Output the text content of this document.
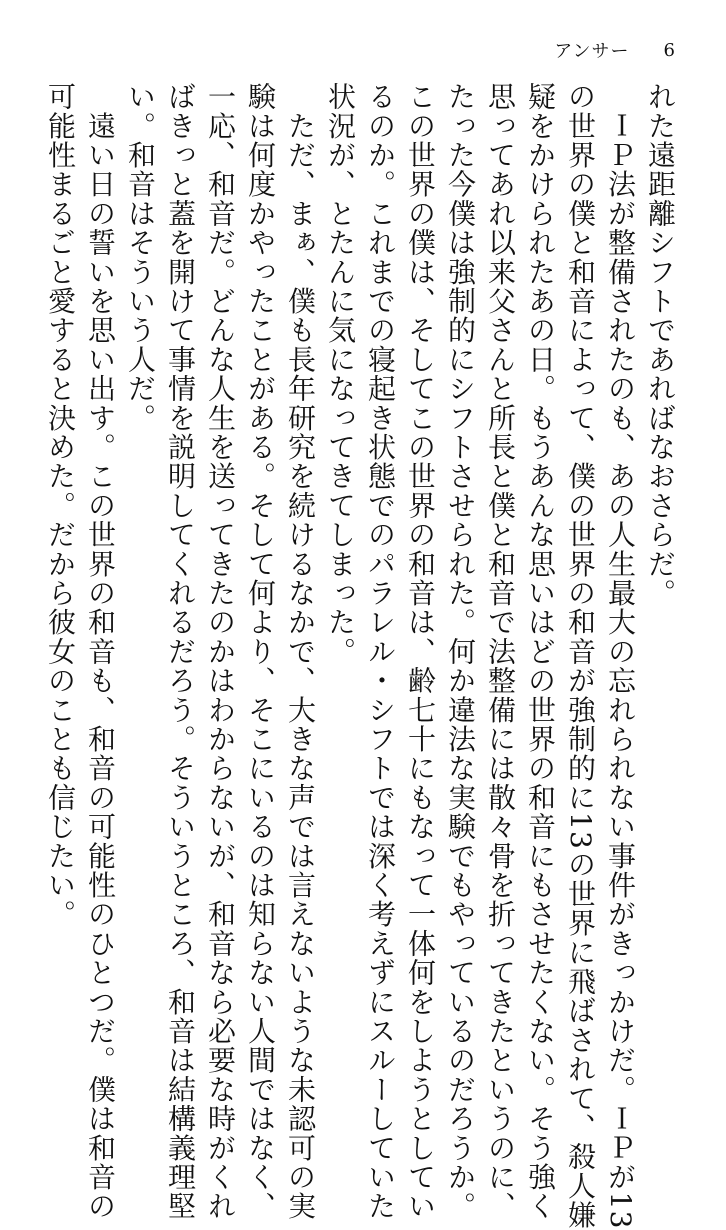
アンサー 6
れた遠距離シフトであればなおさらだ。
　ＩＰ法が整備されたのも、あの人生最大の忘れられない事件がきっかけだ。ＩＰが13
の世界の僕と和音によって、僕の世界の和音が強制的に13の世界に飛ばされて、殺人嫌
疑をかけられたあの日。もうあんな思いはどの世界の和音にもさせたくない。そう強く
思ってあれ以来父さんと所長と僕と和音で法整備には散々骨を折ってきたというのに、
たった今僕は強制的にシフトさせられた。何か違法な実験でもやっているのだろうか。
この世界の僕は、そしてこの世界の和音は、齢七十にもなって一体何をしようとしてい
るのか。これまでの寝起き状態でのパラレル・シフトでは深く考えずにスルーしていた
状況が、とたんに気になってきてしまった。
　ただ、まぁ、僕も長年研究を続けるなかで、大きな声では言えないような未認可の実
験は何度かやったことがある。そして何より、そこにいるのは知らない人間ではなく、
一応、和音だ。どんな人生を送ってきたのかはわからないが、和音なら必要な時がくれ
ばきっと蓋を開けて事情を説明してくれるだろう。そういうところ、和音は結構義理堅
い。和音はそういう人だ。
　遠い日の誓いを思い出す。この世界の和音も、和音の可能性のひとつだ。僕は和音の
可能性まるごと愛すると決めた。だから彼女のことも信じたい。
